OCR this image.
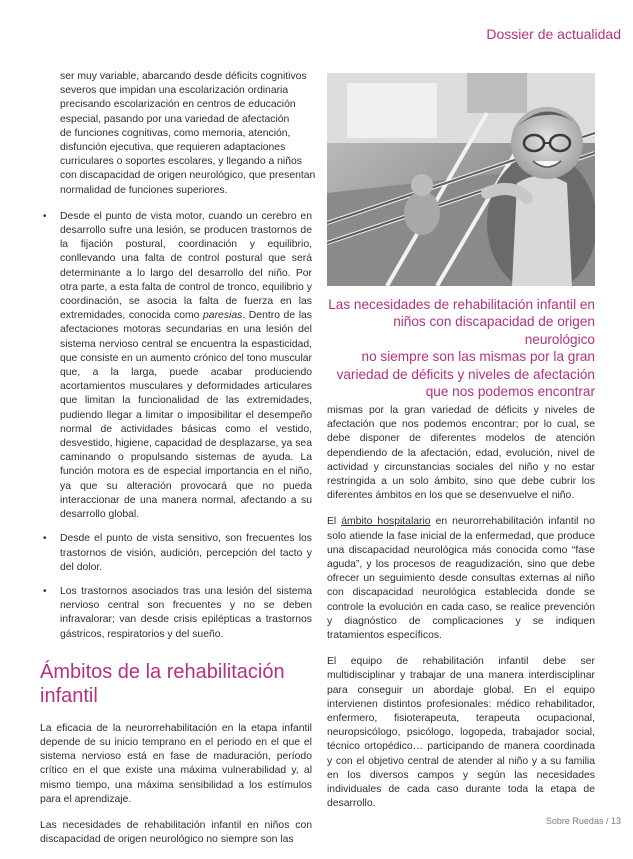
Dossier de actualidad
ser muy variable, abarcando desde déficits cognitivos
severos que impidan una escolarización ordinaria
precisando escolarización en centros de educación
especial, pasando por una variedad de afectación
de funciones cognitivas, como memoria, atención,
disfunción ejecutiva, que requieren adaptaciones
curriculares o soportes escolares, y llegando a niños
con discapacidad de origen neurológico, que presentan
normalidad de funciones superiores.
• Desde el punto de vista motor, cuando un cerebro en desarrollo sufre una lesión, se producen trastornos de la fijación postural, coordinación y equilibrio, conllevando una falta de control postural que será determinante a lo largo del desarrollo del niño. Por otra parte, a esta falta de control de tronco, equilibrio y coordinación, se asocia la falta de fuerza en las extremidades, conocida como paresias. Dentro de las afectaciones motoras secundarias en una lesión del sistema nervioso central se encuentra la espasticidad, que consiste en un aumento crónico del tono muscular que, a la larga, puede acabar produciendo acortamientos musculares y deformidades articulares que limitan la funcionalidad de las extremidades, pudiendo llegar a limitar o imposibilitar el desempeño normal de actividades básicas como el vestido, desvestido, higiene, capacidad de desplazarse, ya sea caminando o propulsando sistemas de ayuda. La función motora es de especial importancia en el niño, ya que su alteración provocará que no pueda interaccionar de una manera normal, afectando a su desarrollo global.
• Desde el punto de vista sensitivo, son frecuentes los trastornos de visión, audición, percepción del tacto y del dolor.
• Los trastornos asociados tras una lesión del sistema nervioso central son frecuentes y no se deben infravalorar; van desde crisis epilépticas a trastornos gástricos, respiratorios y del sueño.
Ámbitos de la rehabilitación infantil

La eficacia de la neurorrehabilitación en la etapa infantil depende de su inicio temprano en el periodo en el que el sistema nervioso está en fase de maduración, período crítico en el que existe una máxima vulnerabilidad y, al mismo tiempo, una máxima sensibilidad a los estímulos para el aprendizaje.

Las necesidades de rehabilitación infantil en niños con discapacidad de origen neurológico no siempre son las

Las necesidades de rehabilitación infantil en
niños con discapacidad de origen neurológico
no siempre son las mismas por la gran
variedad de déficits y niveles de afectación
que nos podemos encontrar

mismas por la gran variedad de déficits y niveles de afectación que nos podemos encontrar; por lo cual, se debe disponer de diferentes modelos de atención dependiendo de la afectación, edad, evolución, nivel de actividad y circunstancias sociales del niño y no estar restringida a un solo ámbito, sino que debe cubrir los diferentes ámbitos en los que se desenvuelve el niño.

El ámbito hospitalario en neurorrehabilitación infantil no solo atiende la fase inicial de la enfermedad, que produce una discapacidad neurológica más conocida como “fase aguda”, y los procesos de reagudización, sino que debe ofrecer un seguimiento desde consultas externas al niño con discapacidad neurológica establecida donde se controle la evolución en cada caso, se realice prevención y diagnóstico de complicaciones y se indiquen tratamientos específicos.

El equipo de rehabilitación infantil debe ser multidisciplinar y trabajar de una manera interdisciplinar para conseguir un abordaje global. En el equipo intervienen distintos profesionales: médico rehabilitador, enfermero, fisioterapeuta, terapeuta ocupacional, neuropsicólogo, psicólogo, logopeda, trabajador social, técnico ortopédico… participando de manera coordinada y con el objetivo central de atender al niño y a su familia en los diversos campos y según las necesidades individuales de cada caso durante toda la etapa de desarrollo.

Sobre Ruedas / 13
